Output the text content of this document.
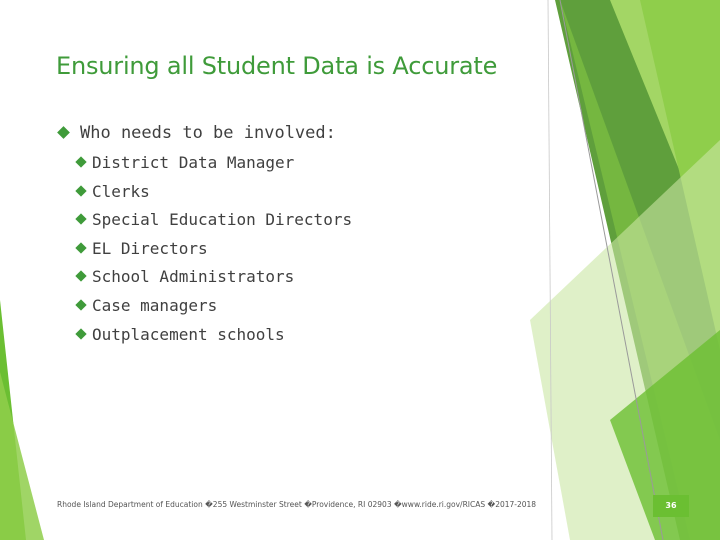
Ensuring all Student Data is Accurate
Who needs to be involved:
District Data Manager
Clerks
Special Education Directors
EL Directors
School Administrators
Case managers
Outplacement schools
Rhode Island Department of Education �255 Westminster Street �Providence, RI 02903 �www.ride.ri.gov/RICAS �2017-2018	36
